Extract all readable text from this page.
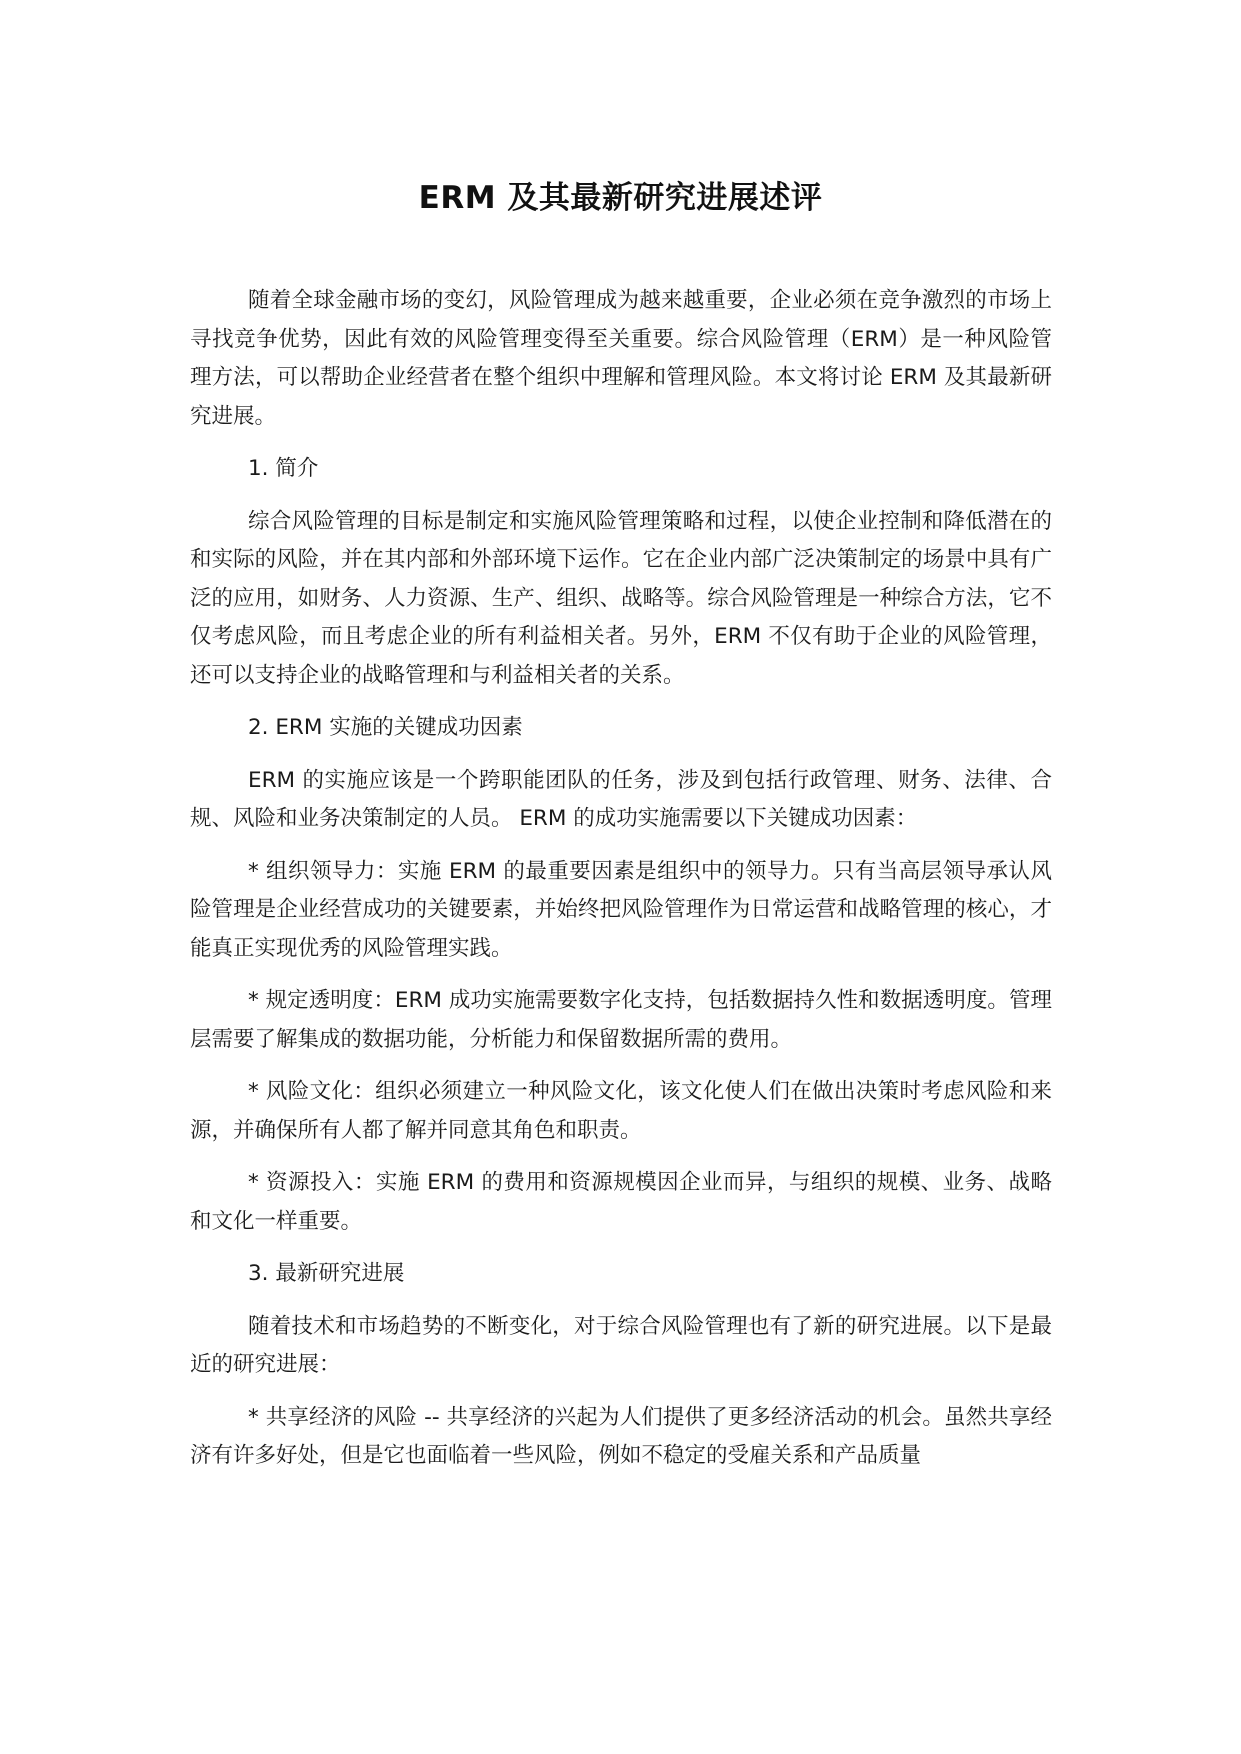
ERM 及其最新研究进展述评

随着全球金融市场的变幻，风险管理成为越来越重要，企业必须在竞争激烈的市场上寻找竞争优势，因此有效的风险管理变得至关重要。综合风险管理（ERM）是一种风险管理方法，可以帮助企业经营者在整个组织中理解和管理风险。本文将讨论 ERM 及其最新研究进展。

1. 简介

综合风险管理的目标是制定和实施风险管理策略和过程，以使企业控制和降低潜在的和实际的风险，并在其内部和外部环境下运作。它在企业内部广泛决策制定的场景中具有广泛的应用，如财务、人力资源、生产、组织、战略等。综合风险管理是一种综合方法，它不仅考虑风险，而且考虑企业的所有利益相关者。另外，ERM 不仅有助于企业的风险管理，还可以支持企业的战略管理和与利益相关者的关系。

2. ERM 实施的关键成功因素

ERM 的实施应该是一个跨职能团队的任务，涉及到包括行政管理、财务、法律、合规、风险和业务决策制定的人员。 ERM 的成功实施需要以下关键成功因素：

* 组织领导力：实施 ERM 的最重要因素是组织中的领导力。只有当高层领导承认风险管理是企业经营成功的关键要素，并始终把风险管理作为日常运营和战略管理的核心，才能真正实现优秀的风险管理实践。

* 规定透明度：ERM 成功实施需要数字化支持，包括数据持久性和数据透明度。管理层需要了解集成的数据功能，分析能力和保留数据所需的费用。

* 风险文化：组织必须建立一种风险文化，该文化使人们在做出决策时考虑风险和来源，并确保所有人都了解并同意其角色和职责。

* 资源投入：实施 ERM 的费用和资源规模因企业而异，与组织的规模、业务、战略和文化一样重要。

3. 最新研究进展

随着技术和市场趋势的不断变化，对于综合风险管理也有了新的研究进展。以下是最近的研究进展：

* 共享经济的风险 -- 共享经济的兴起为人们提供了更多经济活动的机会。虽然共享经济有许多好处，但是它也面临着一些风险，例如不稳定的受雇关系和产品质量
